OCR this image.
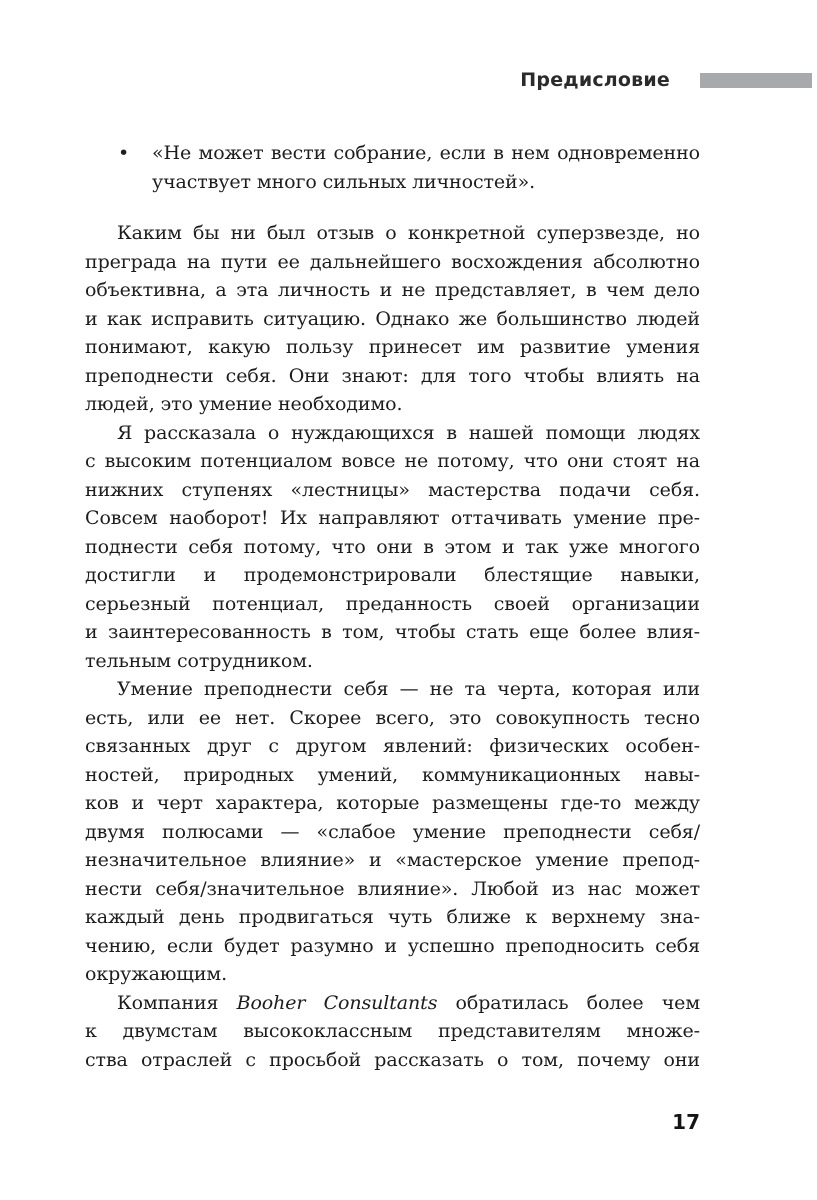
Предисловие
• «Не может вести собрание, если в нем одновременно
участвует много сильных личностей».
Каким бы ни был отзыв о конкретной суперзвезде, но
преграда на пути ее дальнейшего восхождения абсолютно
объективна, а эта личность и не представляет, в чем дело
и как исправить ситуацию. Однако же большинство людей
понимают, какую пользу принесет им развитие умения
преподнести себя. Они знают: для того чтобы влиять на
людей, это умение необходимо.
Я рассказала о нуждающихся в нашей помощи людях
с высоким потенциалом вовсе не потому, что они стоят на
нижних ступенях «лестницы» мастерства подачи себя.
Совсем наоборот! Их направляют оттачивать умение пре-
поднести себя потому, что они в этом и так уже многого
достигли и продемонстрировали блестящие навыки,
серьезный потенциал, преданность своей организации
и заинтересованность в том, чтобы стать еще более влия-
тельным сотрудником.
Умение преподнести себя — не та черта, которая или
есть, или ее нет. Скорее всего, это совокупность тесно
связанных друг с другом явлений: физических особен-
ностей, природных умений, коммуникационных навы-
ков и черт характера, которые размещены где-то между
двумя полюсами — «слабое умение преподнести себя/
незначительное влияние» и «мастерское умение препод-
нести себя/значительное влияние». Любой из нас может
каждый день продвигаться чуть ближе к верхнему зна-
чению, если будет разумно и успешно преподносить себя
окружающим.
Компания Booher Consultants обратилась более чем
к двумстам высококлассным представителям множе-
ства отраслей с просьбой рассказать о том, почему они
17
